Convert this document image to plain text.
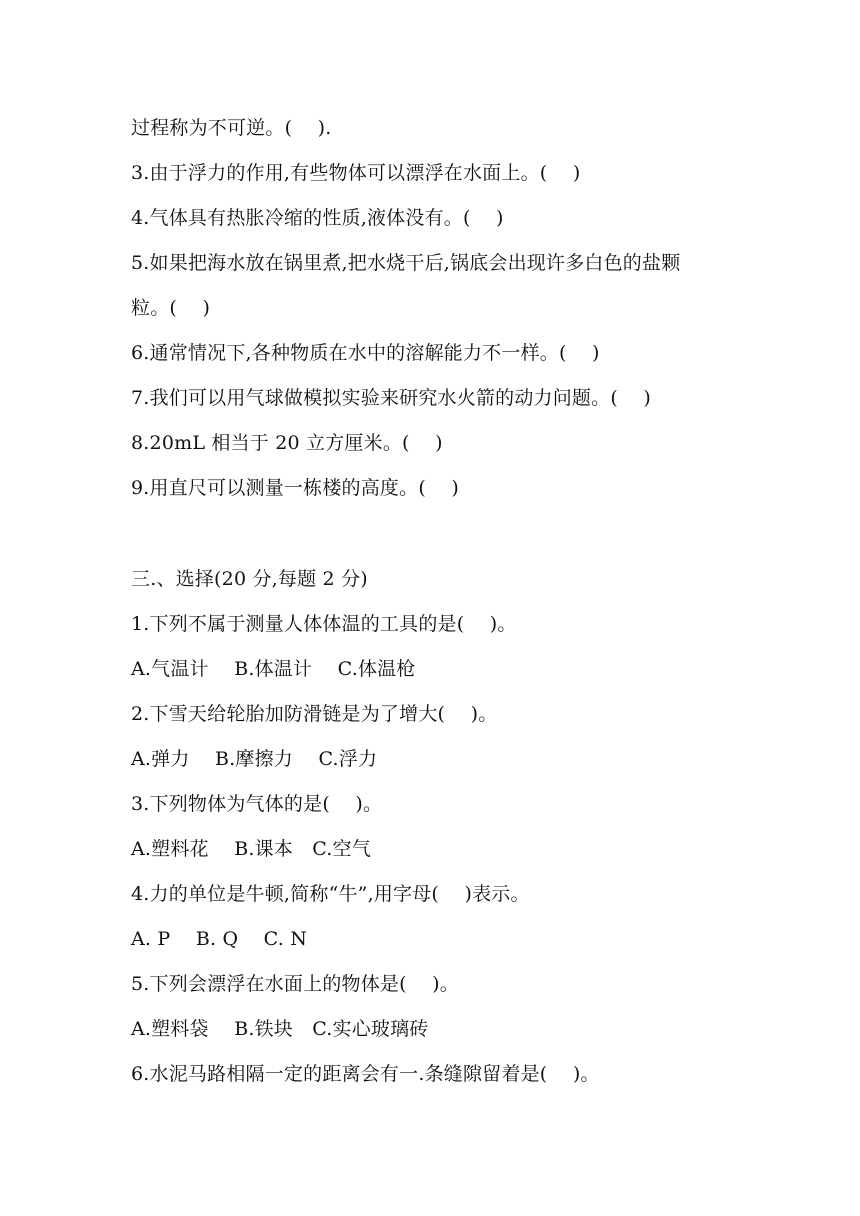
过程称为不可逆。(　 ).
3.由于浮力的作用,有些物体可以漂浮在水面上。(　 )
4.气体具有热胀冷缩的性质,液体没有。(　 )
5.如果把海水放在锅里煮,把水烧干后,锅底会出现许多白色的盐颗
粒。(　 )
6.通常情况下,各种物质在水中的溶解能力不一样。(　 )
7.我们可以用气球做模拟实验来研究水火箭的动力问题。(　 )
8.20mL 相当于 20 立方厘米。(　 )
9.用直尺可以测量一栋楼的高度。(　 )
三.、选择(20 分,每题 2 分)
1.下列不属于测量人体体温的工具的是(　 )。
A.气温计　 B.体温计　 C.体温枪
2.下雪天给轮胎加防滑链是为了增大(　 )。
A.弹力　 B.摩擦力　 C.浮力
3.下列物体为气体的是(　 )。
A.塑料花　 B.课本　C.空气
4.力的单位是牛顿,简称“牛”,用字母(　 )表示。
A. P　 B. Q　 C. N
5.下列会漂浮在水面上的物体是(　 )。
A.塑料袋　 B.铁块　C.实心玻璃砖
6.水泥马路相隔一定的距离会有一.条缝隙留着是(　 )。
